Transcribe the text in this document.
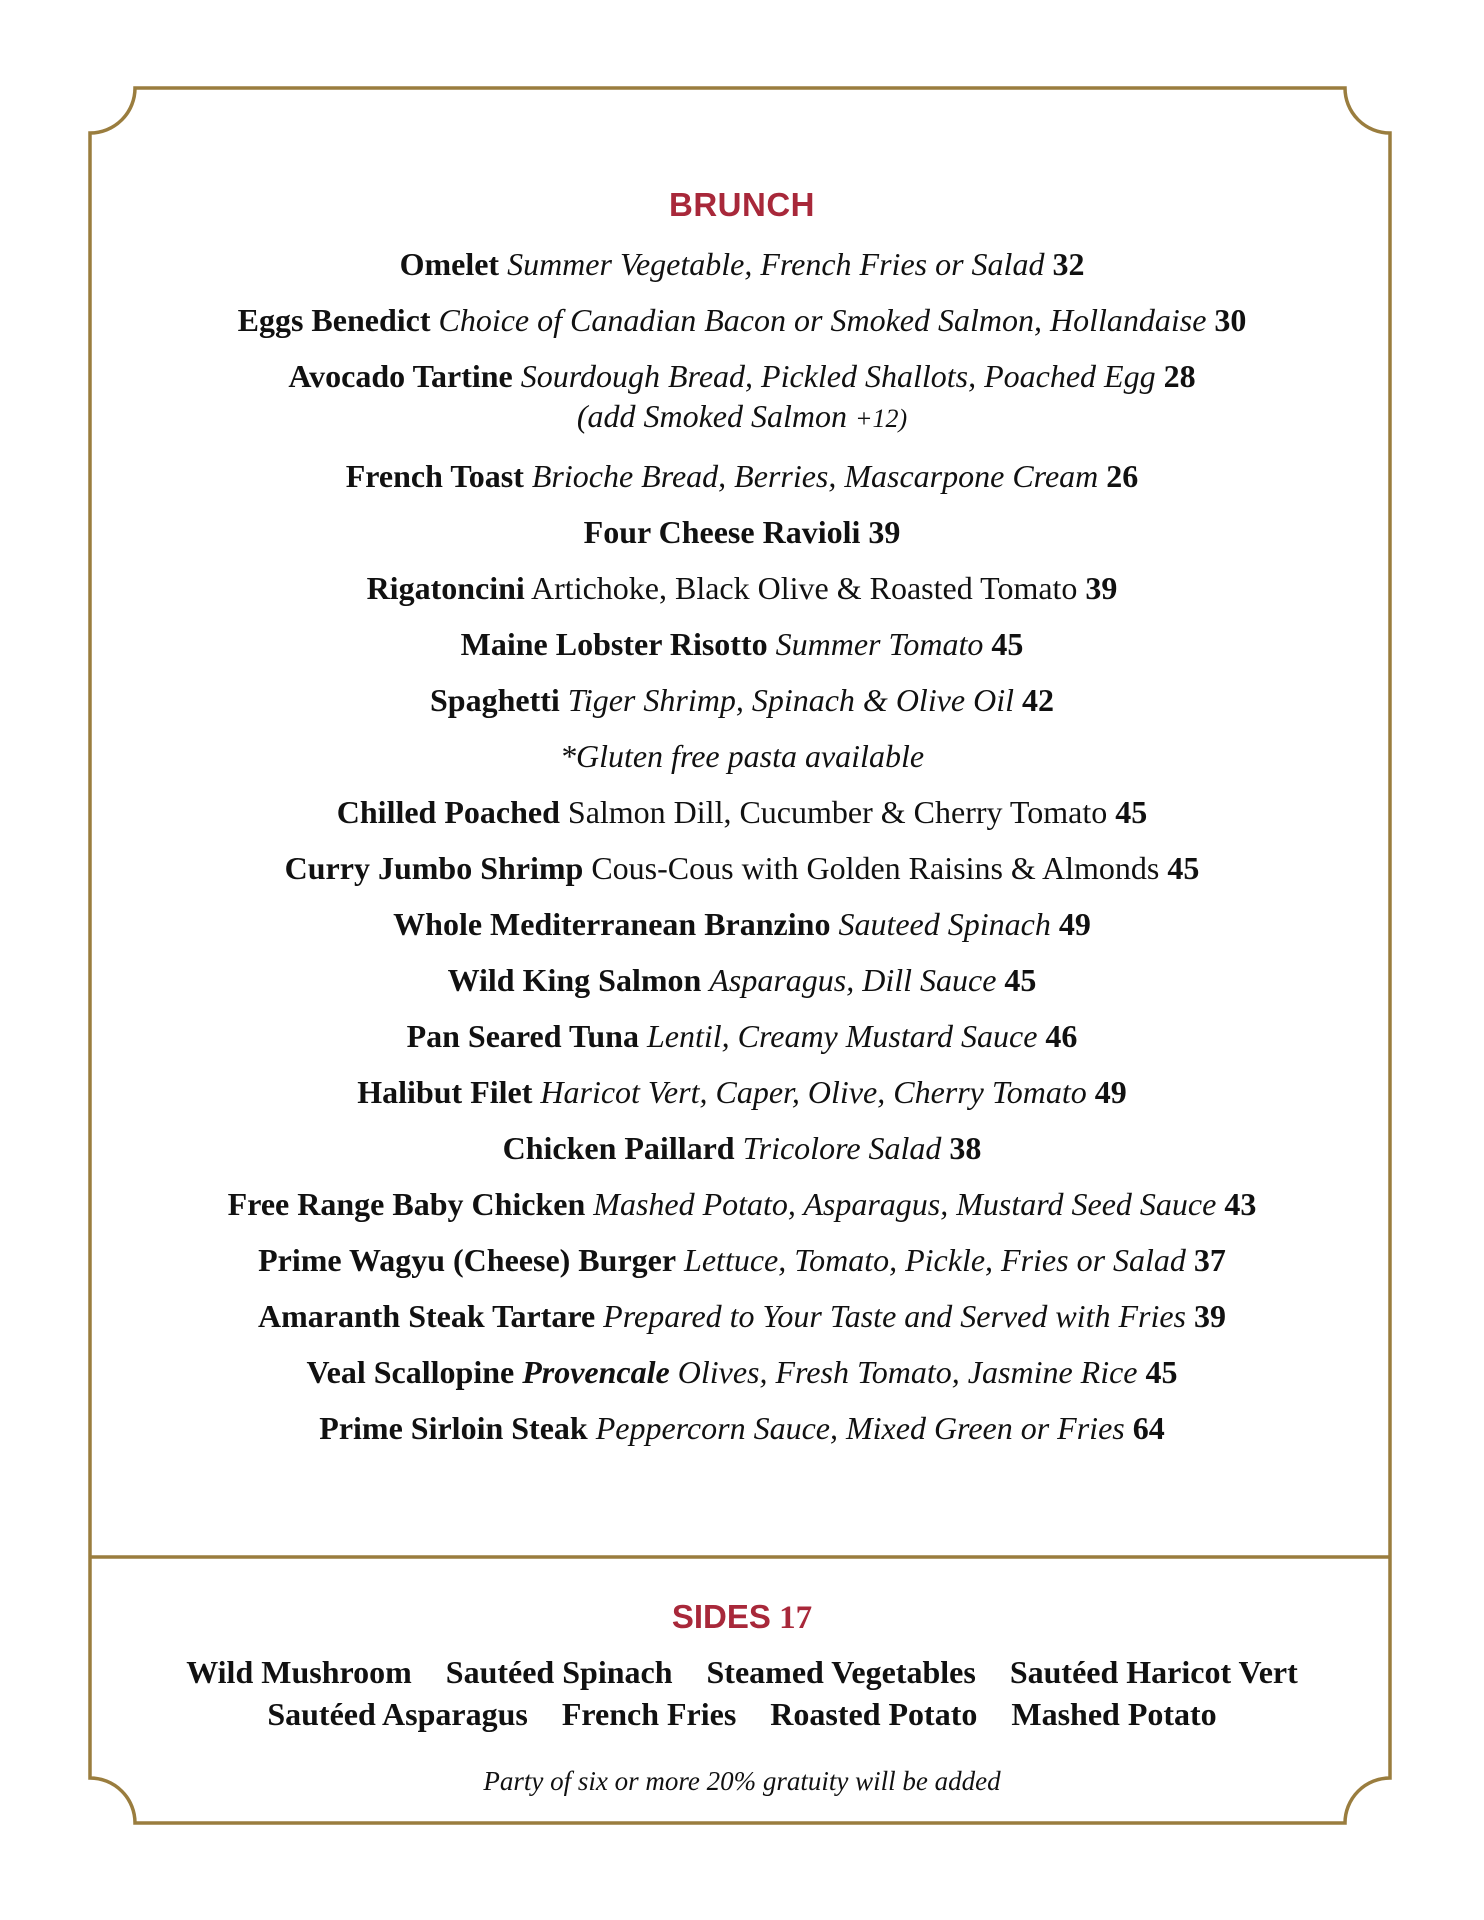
BRUNCH
Omelet Summer Vegetable, French Fries or Salad 32
Eggs Benedict Choice of Canadian Bacon or Smoked Salmon, Hollandaise 30
Avocado Tartine Sourdough Bread, Pickled Shallots, Poached Egg 28
(add Smoked Salmon +12)
French Toast Brioche Bread, Berries, Mascarpone Cream 26
Four Cheese Ravioli 39
Rigatoncini Artichoke, Black Olive & Roasted Tomato 39
Maine Lobster Risotto Summer Tomato 45
Spaghetti Tiger Shrimp, Spinach & Olive Oil 42
*Gluten free pasta available
Chilled Poached Salmon Dill, Cucumber & Cherry Tomato 45
Curry Jumbo Shrimp Cous-Cous with Golden Raisins & Almonds 45
Whole Mediterranean Branzino Sauteed Spinach 49
Wild King Salmon Asparagus, Dill Sauce 45
Pan Seared Tuna Lentil, Creamy Mustard Sauce 46
Halibut Filet Haricot Vert, Caper, Olive, Cherry Tomato 49
Chicken Paillard Tricolore Salad 38
Free Range Baby Chicken Mashed Potato, Asparagus, Mustard Seed Sauce 43
Prime Wagyu (Cheese) Burger Lettuce, Tomato, Pickle, Fries or Salad 37
Amaranth Steak Tartare Prepared to Your Taste and Served with Fries 39
Veal Scallopine Provencale Olives, Fresh Tomato, Jasmine Rice 45
Prime Sirloin Steak Peppercorn Sauce, Mixed Green or Fries 64
SIDES 17
Wild Mushroom Sautéed Spinach Steamed Vegetables Sautéed Haricot Vert
Sautéed Asparagus French Fries Roasted Potato Mashed Potato
Party of six or more 20% gratuity will be added
